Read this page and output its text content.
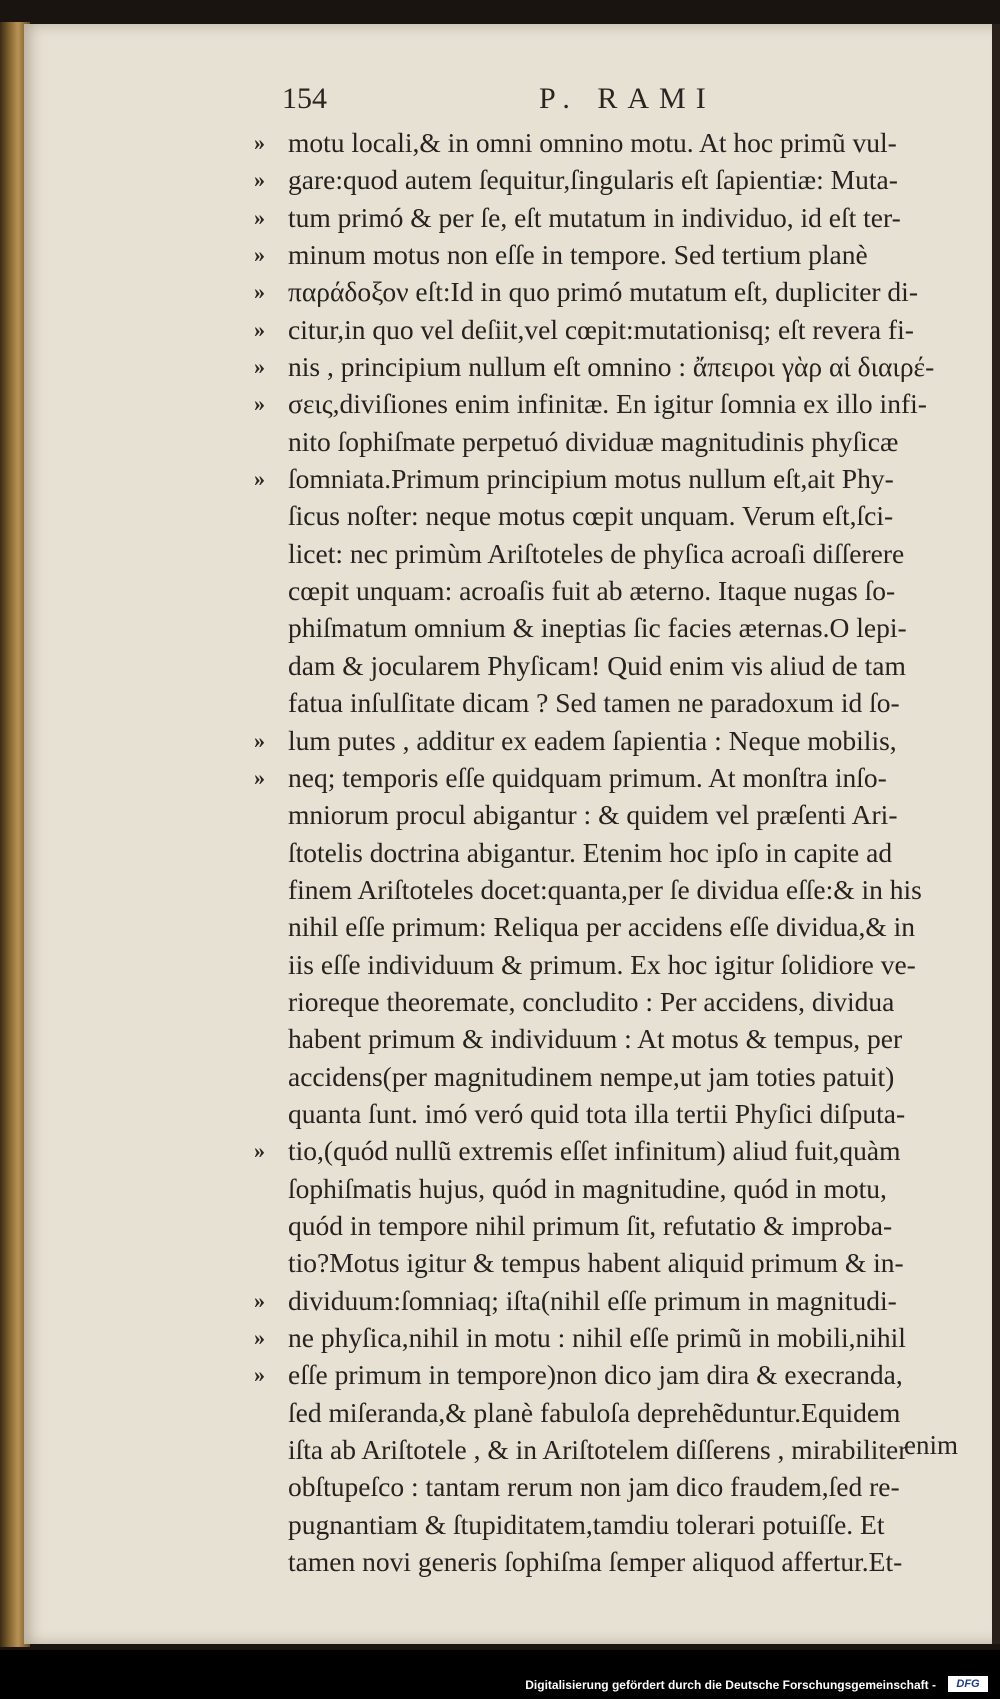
154	P. RAMI
» motu locali,& in omni omnino motu. At hoc primũ vul-
» gare:quod autem ſequitur,ſingularis eſt ſapientiæ: Muta-
» tum primó & per ſe, eſt mutatum in individuo, id eſt ter-
» minum motus non eſſe in tempore. Sed tertium planè
» παράδοξον eſt:Id in quo primó mutatum eſt, dupliciter di-
» citur,in quo vel deſiit,vel cœpit:mutationisq; eſt revera fi-
» nis , principium nullum eſt omnino : ἄπειροι γὰρ αἱ διαιρέ-
» σεις,diviſiones enim infinitæ. En igitur ſomnia ex illo infi-
nito ſophiſmate perpetuó dividuæ magnitudinis phyſicæ
» ſomniata.Primum principium motus nullum eſt,ait Phy-
ſicus noſter: neque motus cœpit unquam. Verum eſt,ſci-
licet: nec primùm Ariſtoteles de phyſica acroaſi diſſerere
cœpit unquam: acroaſis fuit ab æterno. Itaque nugas ſo-
phiſmatum omnium & ineptias ſic facies æternas.O lepi-
dam & jocularem Phyſicam! Quid enim vis aliud de tam
fatua inſulſitate dicam ? Sed tamen ne paradoxum id ſo-
» lum putes , additur ex eadem ſapientia : Neque mobilis,
» neq; temporis eſſe quidquam primum. At monſtra inſo-
mniorum procul abigantur : & quidem vel præſenti Ari-
ſtotelis doctrina abigantur. Etenim hoc ipſo in capite ad
finem Ariſtoteles docet:quanta,per ſe dividua eſſe:& in his
nihil eſſe primum: Reliqua per accidens eſſe dividua,& in
iis eſſe individuum & primum. Ex hoc igitur ſolidiore ve-
rioreque theoremate, concludito : Per accidens, dividua
habent primum & individuum : At motus & tempus, per
accidens(per magnitudinem nempe,ut jam toties patuit)
quanta ſunt. imó veró quid tota illa tertii Phyſici diſputa-
» tio,(quód nullũ extremis eſſet infinitum) aliud fuit,quàm
ſophiſmatis hujus, quód in magnitudine, quód in motu,
quód in tempore nihil primum ſit, refutatio & improba-
tio?Motus igitur & tempus habent aliquid primum & in-
» dividuum:ſomniaq; iſta(nihil eſſe primum in magnitudi-
» ne phyſica,nihil in motu : nihil eſſe primũ in mobili,nihil
» eſſe primum in tempore)non dico jam dira & execranda,
ſed miſeranda,& planè fabuloſa deprehẽduntur.Equidem
iſta ab Ariſtotele , & in Ariſtotelem diſſerens , mirabiliter
obſtupeſco : tantam rerum non jam dico fraudem,ſed re-
pugnantiam & ſtupiditatem,tamdiu tolerari potuiſſe. Et
tamen novi generis ſophiſma ſemper aliquod affertur.Et-
enim
Digitalisierung gefördert durch die Deutsche Forschungsgemeinschaft -	DFG
